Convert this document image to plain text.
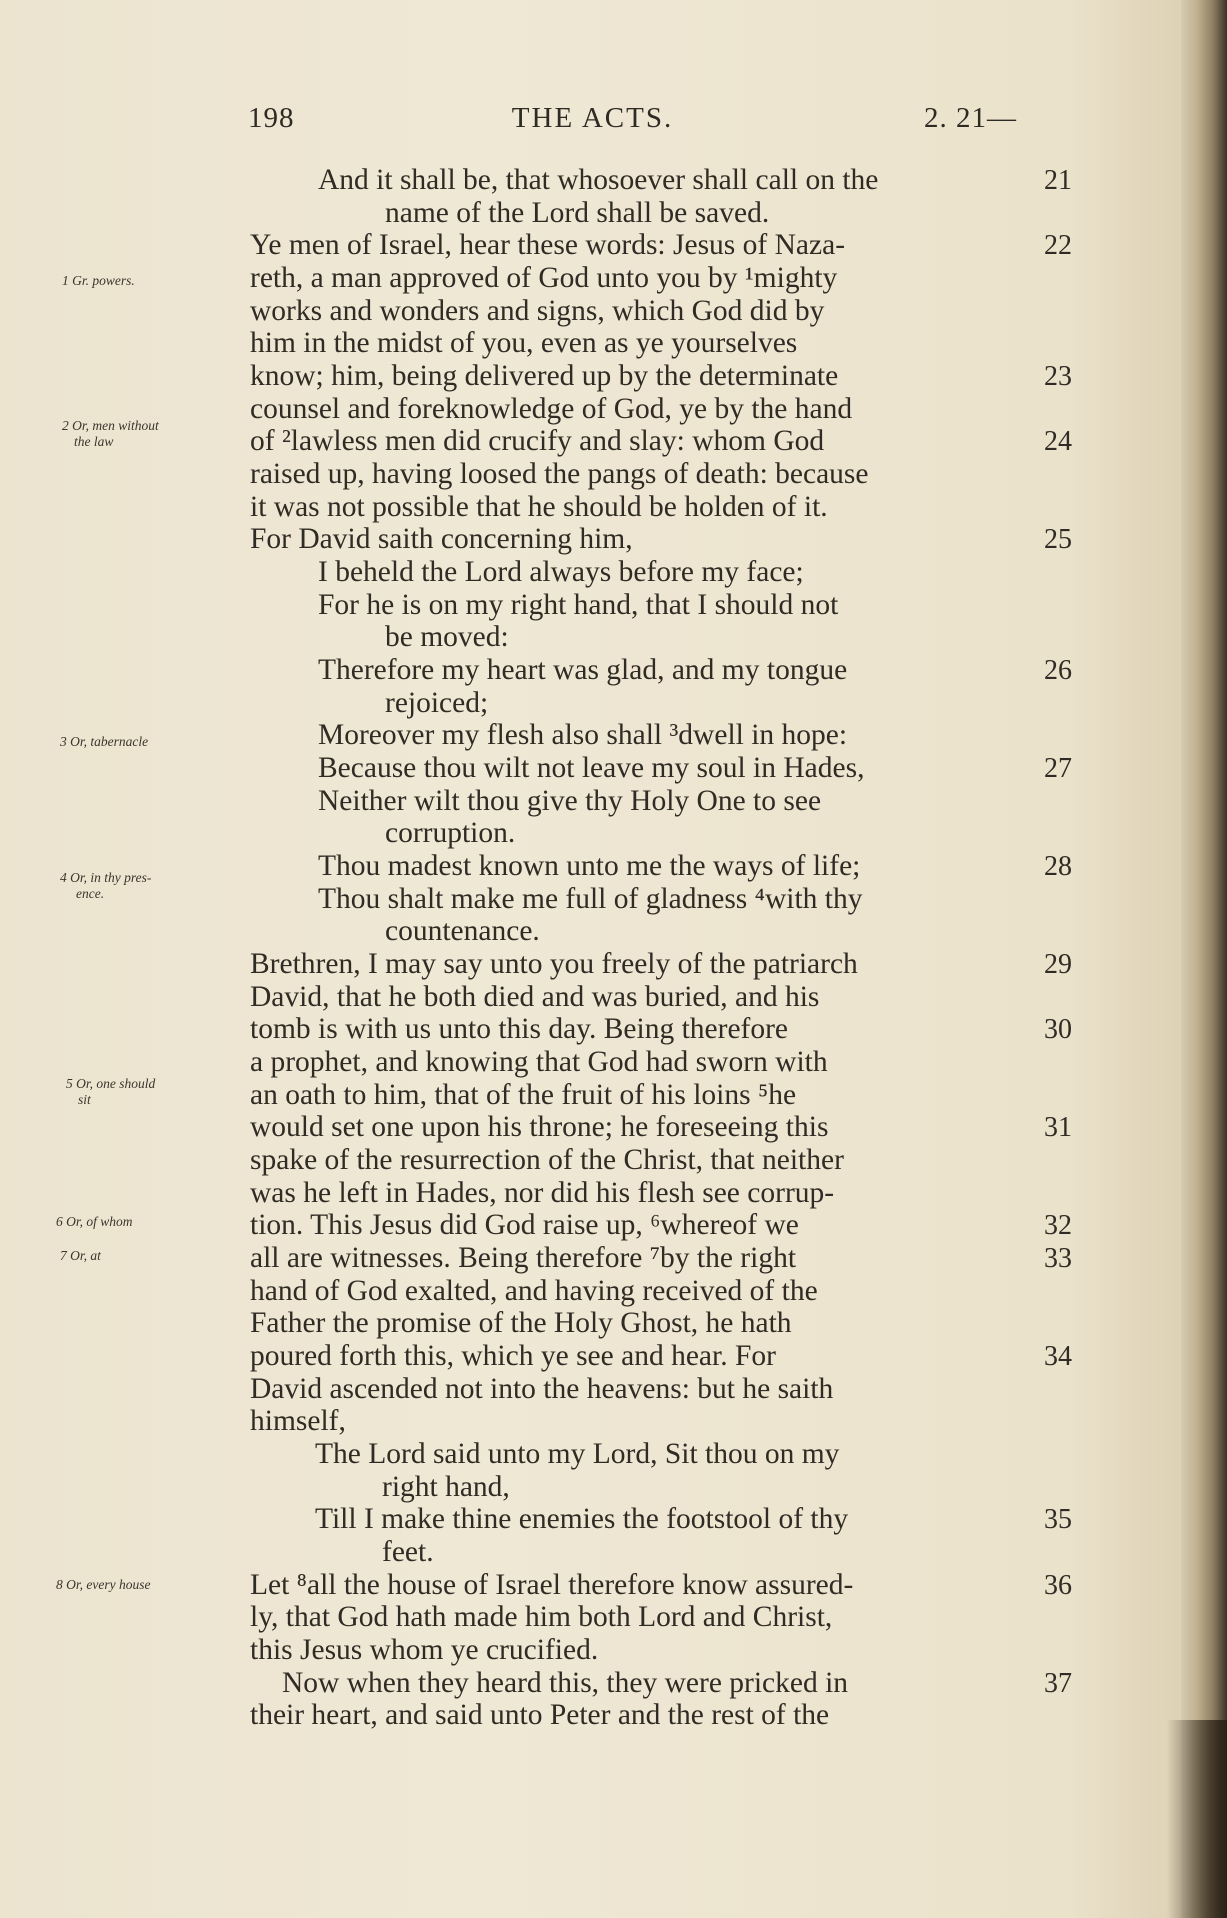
198	THE ACTS.	2. 21—
And it shall be, that whosoever shall call on the
name of the Lord shall be saved.
Ye men of Israel, hear these words: Jesus of Naza-
reth, a man approved of God unto you by ¹mighty
works and wonders and signs, which God did by
him in the midst of you, even as ye yourselves
know; him, being delivered up by the determinate
counsel and foreknowledge of God, ye by the hand
of ²lawless men did crucify and slay: whom God
raised up, having loosed the pangs of death: because
it was not possible that he should be holden of it.
For David saith concerning him,
I beheld the Lord always before my face;
For he is on my right hand, that I should not
be moved:
Therefore my heart was glad, and my tongue
rejoiced;
Moreover my flesh also shall ³dwell in hope:
Because thou wilt not leave my soul in Hades,
Neither wilt thou give thy Holy One to see
corruption.
Thou madest known unto me the ways of life;
Thou shalt make me full of gladness ⁴with thy
countenance.
Brethren, I may say unto you freely of the patriarch
David, that he both died and was buried, and his
tomb is with us unto this day. Being therefore
a prophet, and knowing that God had sworn with
an oath to him, that of the fruit of his loins ⁵he
would set one upon his throne; he foreseeing this
spake of the resurrection of the Christ, that neither
was he left in Hades, nor did his flesh see corrup-
tion. This Jesus did God raise up, ⁶whereof we
all are witnesses. Being therefore ⁷by the right
hand of God exalted, and having received of the
Father the promise of the Holy Ghost, he hath
poured forth this, which ye see and hear. For
David ascended not into the heavens: but he saith
himself,
The Lord said unto my Lord, Sit thou on my
right hand,
Till I make thine enemies the footstool of thy
feet.
Let ⁸all the house of Israel therefore know assured-
ly, that God hath made him both Lord and Christ,
this Jesus whom ye crucified.
Now when they heard this, they were pricked in
their heart, and said unto Peter and the rest of the
21
22
23
24
25
26
27
28
29
30
31
32
33
34
35
36
37
1 Gr. powers.
2 Or, men without
the law
3 Or, tabernacle
4 Or, in thy pres-
ence.
5 Or, one should
sit
6 Or, of whom
7 Or, at
8 Or, every house
